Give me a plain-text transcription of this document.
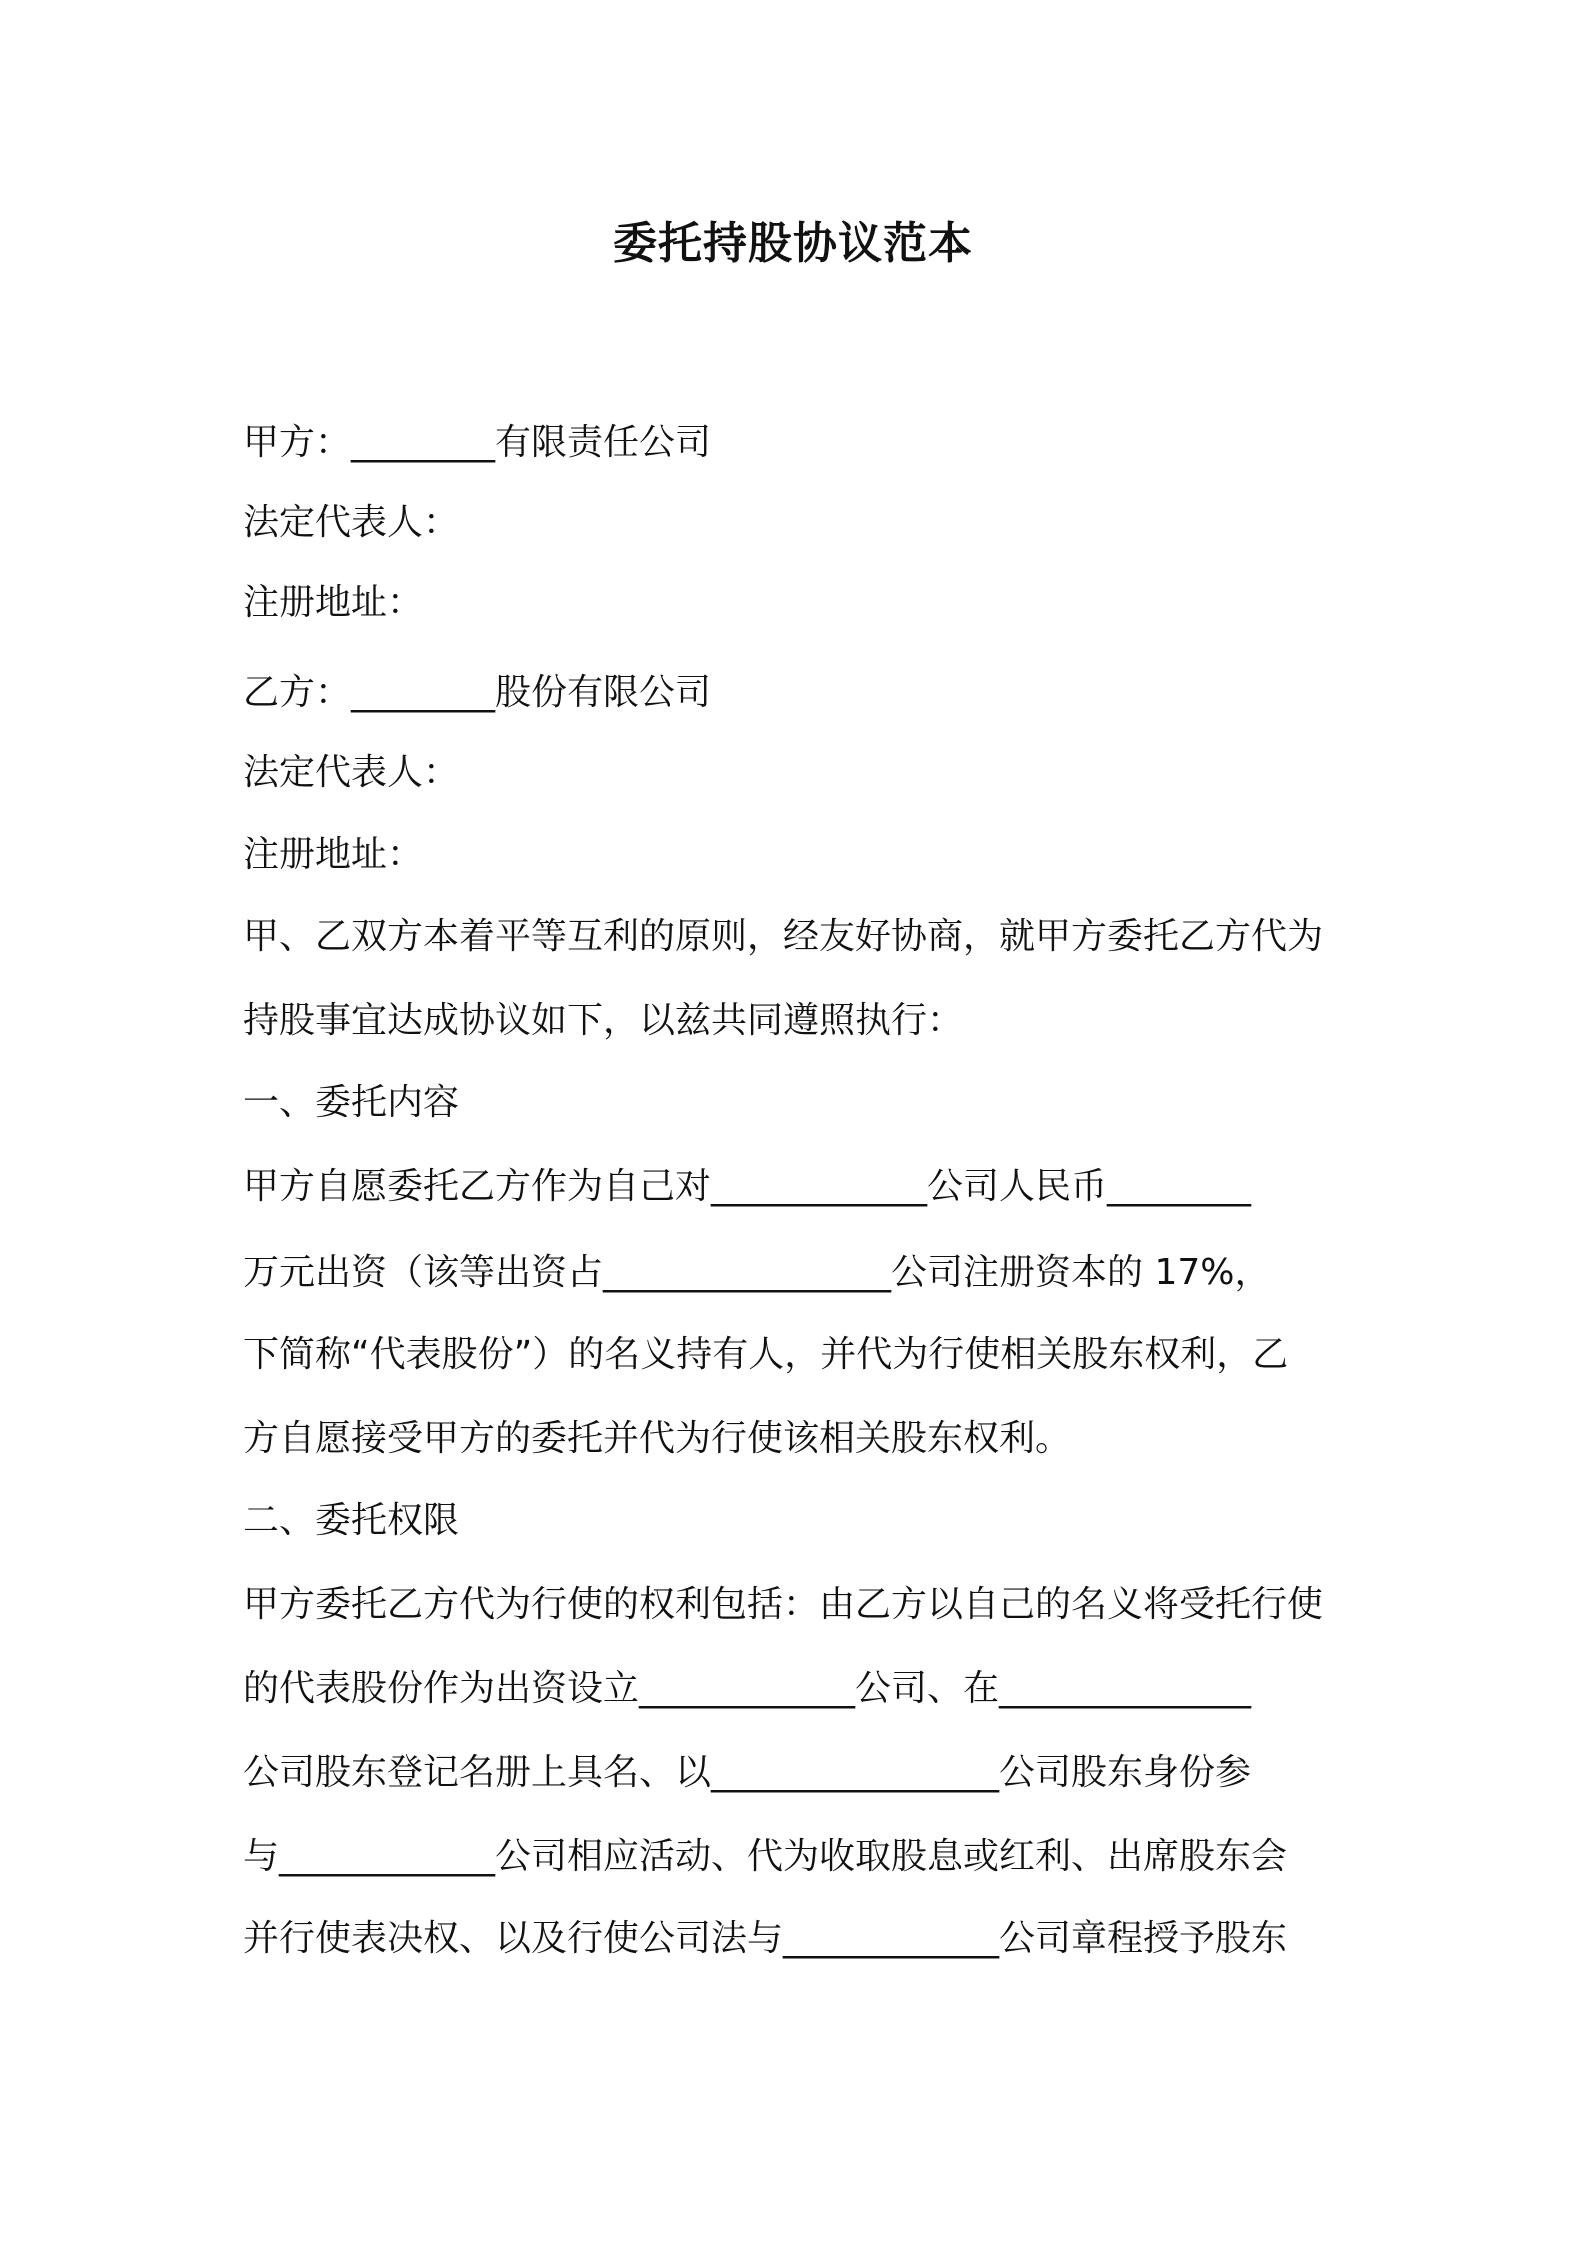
委托持股协议范本

甲方：________有限责任公司

法定代表人：

注册地址：

乙方：________股份有限公司

法定代表人：

注册地址：

甲、乙双方本着平等互利的原则，经友好协商，就甲方委托乙方代为

持股事宜达成协议如下，以兹共同遵照执行：

一、委托内容

甲方自愿委托乙方作为自己对____________公司人民币________

万元出资（该等出资占________________公司注册资本的 17%，

下简称“代表股份”）的名义持有人，并代为行使相关股东权利，乙

方自愿接受甲方的委托并代为行使该相关股东权利。

二、委托权限

甲方委托乙方代为行使的权利包括：由乙方以自己的名义将受托行使

的代表股份作为出资设立____________公司、在______________

公司股东登记名册上具名、以________________公司股东身份参

与____________公司相应活动、代为收取股息或红利、出席股东会

并行使表决权、以及行使公司法与____________公司章程授予股东
